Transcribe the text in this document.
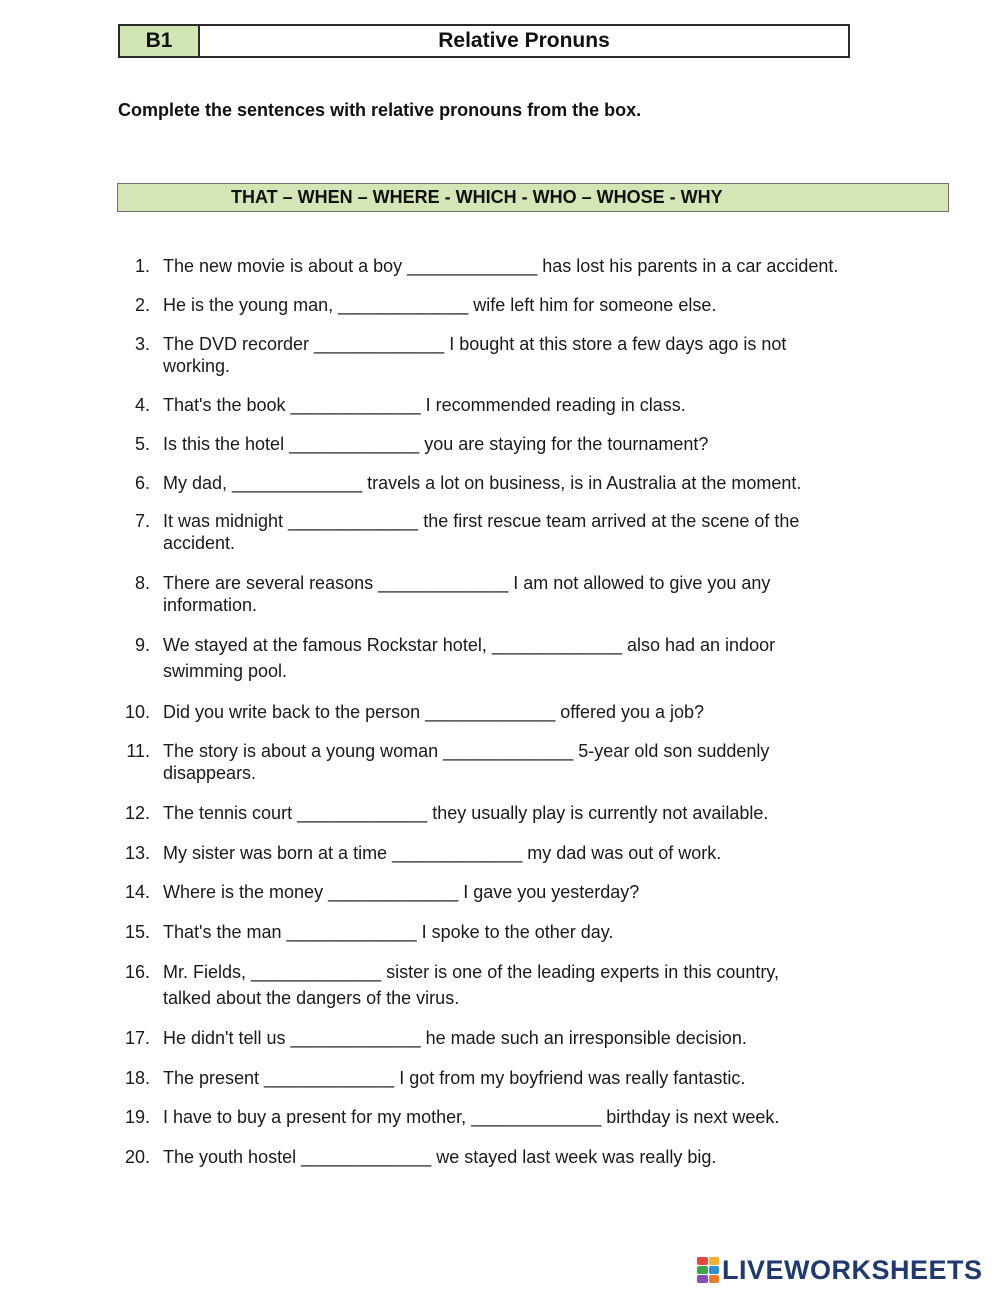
B1	Relative Pronuns
Complete the sentences with relative pronouns from the box.
THAT – WHEN – WHERE - WHICH - WHO – WHOSE - WHY
1. The new movie is about a boy _____________ has lost his parents in a car accident.
2. He is the young man, _____________ wife left him for someone else.
3. The DVD recorder _____________ I bought at this store a few days ago is not
working.
4. That's the book _____________ I recommended reading in class.
5. Is this the hotel _____________ you are staying for the tournament?
6. My dad, _____________ travels a lot on business, is in Australia at the moment.
7. It was midnight _____________ the first rescue team arrived at the scene of the
accident.
8. There are several reasons _____________ I am not allowed to give you any
information.
9. We stayed at the famous Rockstar hotel, _____________ also had an indoor
swimming pool.
10. Did you write back to the person _____________ offered you a job?
11. The story is about a young woman _____________ 5-year old son suddenly
disappears.
12. The tennis court _____________ they usually play is currently not available.
13. My sister was born at a time _____________ my dad was out of work.
14. Where is the money _____________ I gave you yesterday?
15. That's the man _____________ I spoke to the other day.
16. Mr. Fields, _____________ sister is one of the leading experts in this country,
talked about the dangers of the virus.
17. He didn't tell us _____________ he made such an irresponsible decision.
18. The present _____________ I got from my boyfriend was really fantastic.
19. I have to buy a present for my mother, _____________ birthday is next week.
20. The youth hostel _____________ we stayed last week was really big.
LIVEWORKSHEETS
